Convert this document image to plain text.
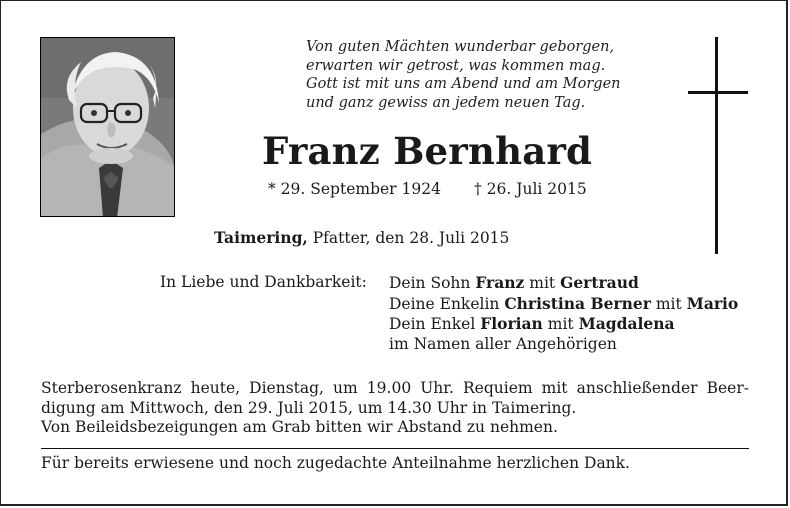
Von guten Mächten wunderbar geborgen,
erwarten wir getrost, was kommen mag.
Gott ist mit uns am Abend und am Morgen
und ganz gewiss an jedem neuen Tag.
Franz Bernhard
* 29. September 1924 † 26. Juli 2015
Taimering, Pfatter, den 28. Juli 2015
In Liebe und Dankbarkeit: Dein Sohn Franz mit Gertraud
Deine Enkelin Christina Berner mit Mario
Dein Enkel Florian mit Magdalena
im Namen aller Angehörigen
Sterberosenkranz heute, Dienstag, um 19.00 Uhr. Requiem mit anschließender Beer-
digung am Mittwoch, den 29. Juli 2015, um 14.30 Uhr in Taimering.
Von Beileidsbezeigungen am Grab bitten wir Abstand zu nehmen.
Für bereits erwiesene und noch zugedachte Anteilnahme herzlichen Dank.
